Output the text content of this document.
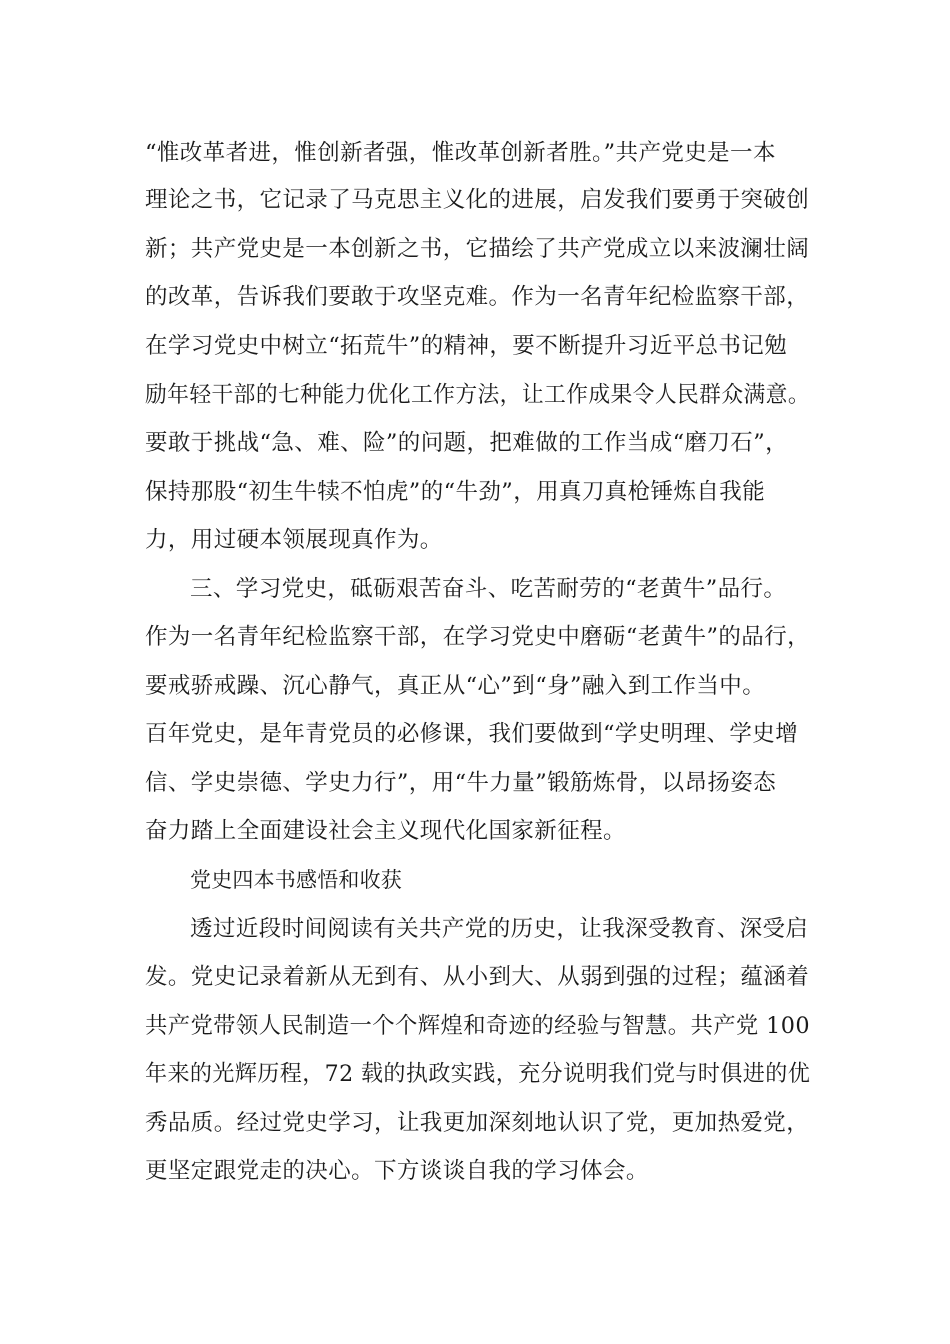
“惟改革者进，惟创新者强，惟改革创新者胜。”共产党史是一本

理论之书，它记录了马克思主义化的进展，启发我们要勇于突破创

新；共产党史是一本创新之书，它描绘了共产党成立以来波澜壮阔

的改革，告诉我们要敢于攻坚克难。作为一名青年纪检监察干部，

在学习党史中树立“拓荒牛”的精神，要不断提升习近平总书记勉

励年轻干部的七种能力优化工作方法，让工作成果令人民群众满意。

要敢于挑战“急、难、险”的问题，把难做的工作当成“磨刀石”，

保持那股“初生牛犊不怕虎”的“牛劲”，用真刀真枪锤炼自我能

力，用过硬本领展现真作为。

三、学习党史，砥砺艰苦奋斗、吃苦耐劳的“老黄牛”品行。

作为一名青年纪检监察干部，在学习党史中磨砺“老黄牛”的品行，

要戒骄戒躁、沉心静气，真正从“心”到“身”融入到工作当中。

百年党史，是年青党员的必修课，我们要做到“学史明理、学史增

信、学史崇德、学史力行”，用“牛力量”锻筋炼骨，以昂扬姿态

奋力踏上全面建设社会主义现代化国家新征程。

党史四本书感悟和收获

透过近段时间阅读有关共产党的历史，让我深受教育、深受启

发。党史记录着新从无到有、从小到大、从弱到强的过程；蕴涵着

共产党带领人民制造一个个辉煌和奇迹的经验与智慧。共产党 100

年来的光辉历程，72 载的执政实践，充分说明我们党与时俱进的优

秀品质。经过党史学习，让我更加深刻地认识了党，更加热爱党，

更坚定跟党走的决心。下方谈谈自我的学习体会。
